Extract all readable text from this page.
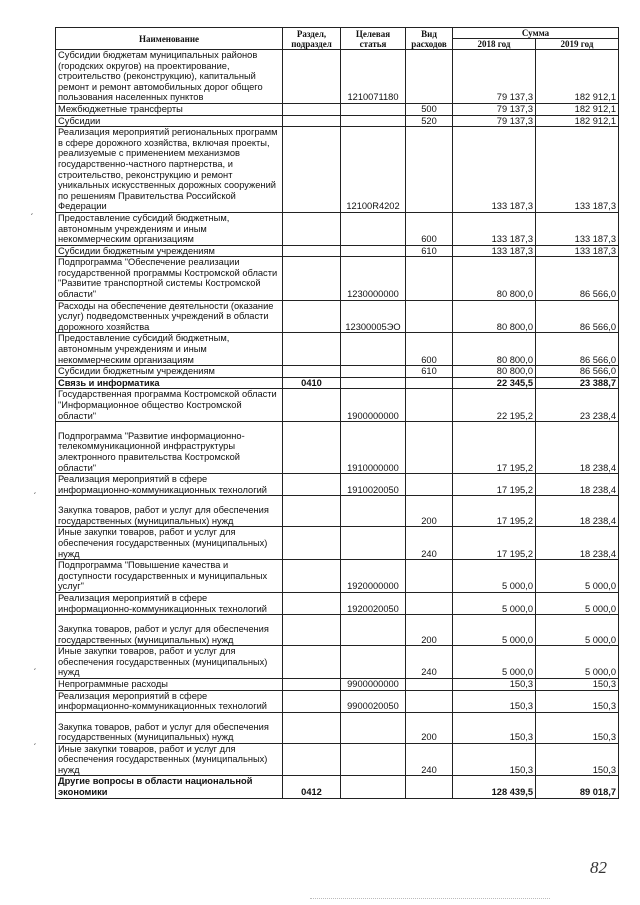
Наименование	Раздел, подраздел	Целевая статья	Вид расходов	Сумма	
				2018 год	2019 год
Субсидии бюджетам муниципальных районов (городских округов) на проектирование, строительство (реконструкцию), капитальный ремонт и ремонт автомобильных дорог общего пользования населенных пунктов		1210071180		79 137,3	182 912,1
Межбюджетные трансферты			500	79 137,3	182 912,1
Субсидии			520	79 137,3	182 912,1
Реализация мероприятий региональных программ в сфере дорожного хозяйства, включая проекты, реализуемые с применением механизмов государственно-частного партнерства, и строительство, реконструкцию и ремонт уникальных искусственных дорожных сооружений по решениям Правительства Российской Федерации		12100R4202		133 187,3	133 187,3
Предоставление субсидий бюджетным, автономным учреждениям и иным некоммерческим организациям			600	133 187,3	133 187,3
Субсидии бюджетным учреждениям			610	133 187,3	133 187,3
Подпрограмма "Обеспечение реализации государственной программы Костромской области "Развитие транспортной системы Костромской области"		1230000000		80 800,0	86 566,0
Расходы на обеспечение деятельности (оказание услуг) подведомственных учреждений в области дорожного хозяйства		12300005ЭО		80 800,0	86 566,0
Предоставление субсидий бюджетным, автономным учреждениям и иным некоммерческим организациям			600	80 800,0	86 566,0
Субсидии бюджетным учреждениям			610	80 800,0	86 566,0
Связь и информатика	0410			22 345,5	23 388,7
Государственная программа Костромской области "Информационное общество Костромской области"		1900000000		22 195,2	23 238,4
Подпрограмма "Развитие информационно-телекоммуникационной инфраструктуры электронного правительства Костромской области"		1910000000		17 195,2	18 238,4
Реализация мероприятий в сфере информационно-коммуникационных технологий		1910020050		17 195,2	18 238,4
Закупка товаров, работ и услуг для обеспечения государственных (муниципальных) нужд			200	17 195,2	18 238,4
Иные закупки товаров, работ и услуг для обеспечения государственных (муниципальных) нужд			240	17 195,2	18 238,4
Подпрограмма "Повышение качества и доступности государственных и муниципальных услуг"		1920000000		5 000,0	5 000,0
Реализация мероприятий в сфере информационно-коммуникационных технологий		1920020050		5 000,0	5 000,0
Закупка товаров, работ и услуг для обеспечения государственных (муниципальных) нужд			200	5 000,0	5 000,0
Иные закупки товаров, работ и услуг для обеспечения государственных (муниципальных) нужд			240	5 000,0	5 000,0
Непрограммные расходы		9900000000		150,3	150,3
Реализация мероприятий в сфере информационно-коммуникационных технологий		9900020050		150,3	150,3
Закупка товаров, работ и услуг для обеспечения государственных (муниципальных) нужд			200	150,3	150,3
Иные закупки товаров, работ и услуг для обеспечения государственных (муниципальных) нужд			240	150,3	150,3
Другие вопросы в области национальной экономики	0412			128 439,5	89 018,7
ˏ
ˏ
ˏ
ˏ
82
